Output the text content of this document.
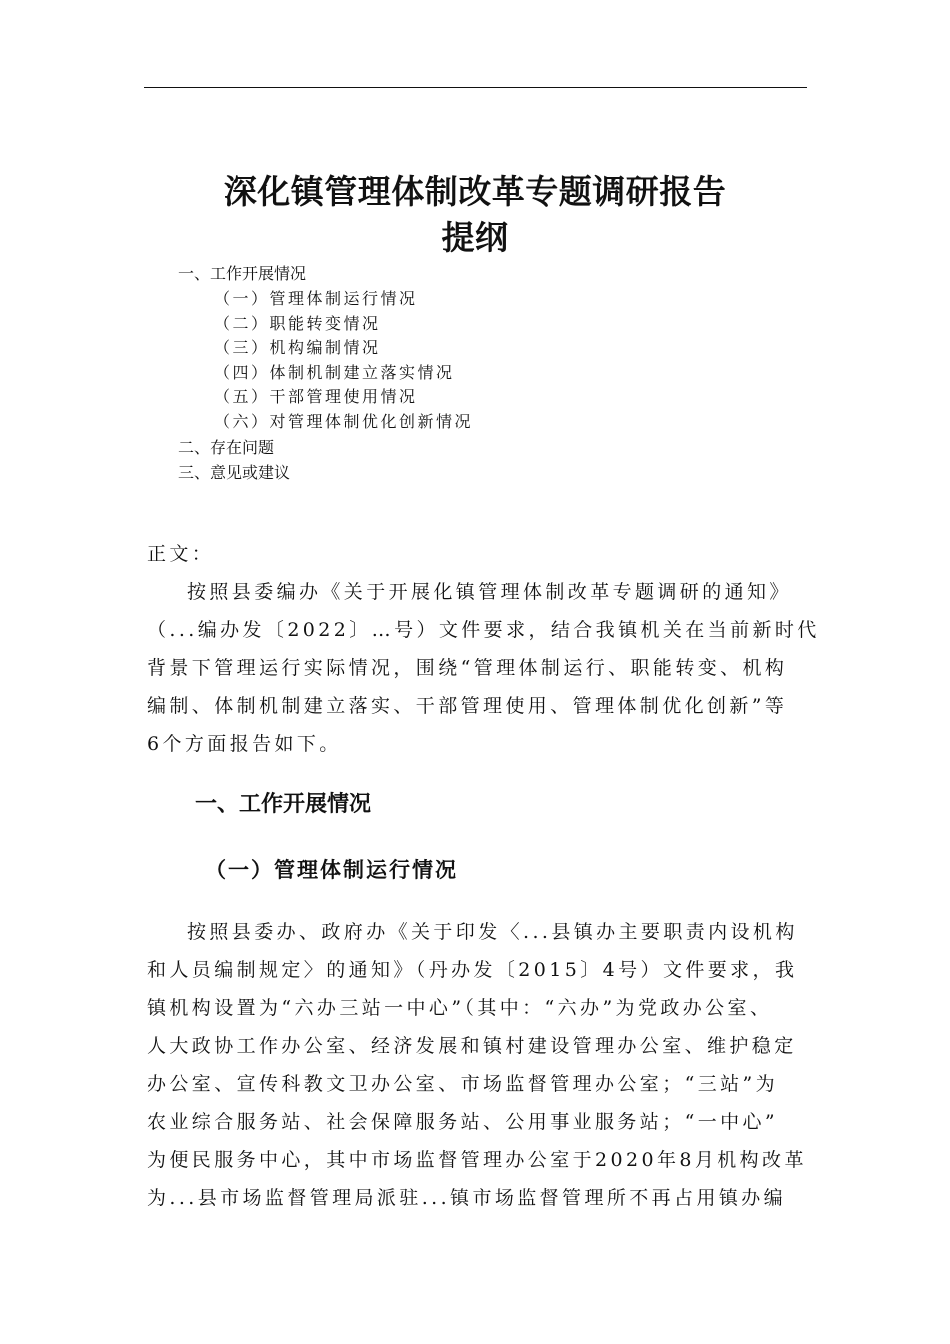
深化镇管理体制改革专题调研报告
提纲
一、工作开展情况
（一）管理体制运行情况
（二）职能转变情况
（三）机构编制情况
（四）体制机制建立落实情况
（五）干部管理使用情况
（六）对管理体制优化创新情况
二、存在问题
三、意见或建议
正文：
按照县委编办《关于开展化镇管理体制改革专题调研的通知》
（...编办发〔2022〕…号）文件要求，结合我镇机关在当前新时代
背景下管理运行实际情况，围绕“管理体制运行、职能转变、机构
编制、体制机制建立落实、干部管理使用、管理体制优化创新”等
6个方面报告如下。
一、工作开展情况
（一）管理体制运行情况
按照县委办、政府办《关于印发〈...县镇办主要职责内设机构
和人员编制规定〉的通知》（丹办发〔2015〕4号）文件要求，我
镇机构设置为“六办三站一中心”（其中：“六办”为党政办公室、
人大政协工作办公室、经济发展和镇村建设管理办公室、维护稳定
办公室、宣传科教文卫办公室、市场监督管理办公室；“三站”为
农业综合服务站、社会保障服务站、公用事业服务站；“一中心”
为便民服务中心，其中市场监督管理办公室于2020年8月机构改革
为...县市场监督管理局派驻...镇市场监督管理所不再占用镇办编
